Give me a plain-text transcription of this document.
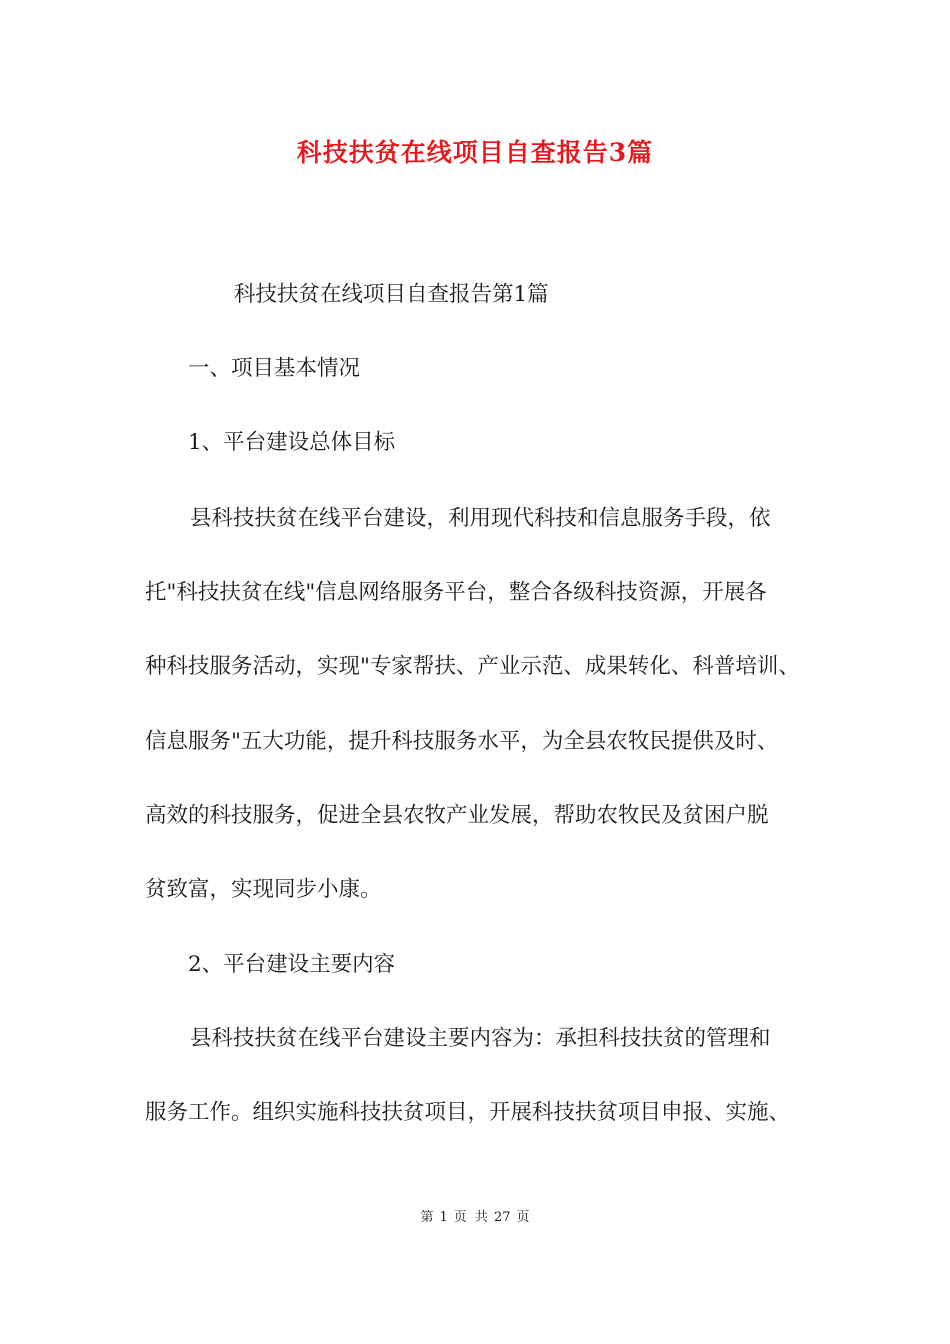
科技扶贫在线项目自查报告3篇

科技扶贫在线项目自查报告第1篇

一、项目基本情况

1、平台建设总体目标

县科技扶贫在线平台建设，利用现代科技和信息服务手段，依

托"科技扶贫在线"信息网络服务平台，整合各级科技资源，开展各

种科技服务活动，实现"专家帮扶、产业示范、成果转化、科普培训、

信息服务"五大功能，提升科技服务水平，为全县农牧民提供及时、

高效的科技服务，促进全县农牧产业发展，帮助农牧民及贫困户脱

贫致富，实现同步小康。

2、平台建设主要内容

县科技扶贫在线平台建设主要内容为：承担科技扶贫的管理和

服务工作。组织实施科技扶贫项目，开展科技扶贫项目申报、实施、

第 1 页 共 27 页
